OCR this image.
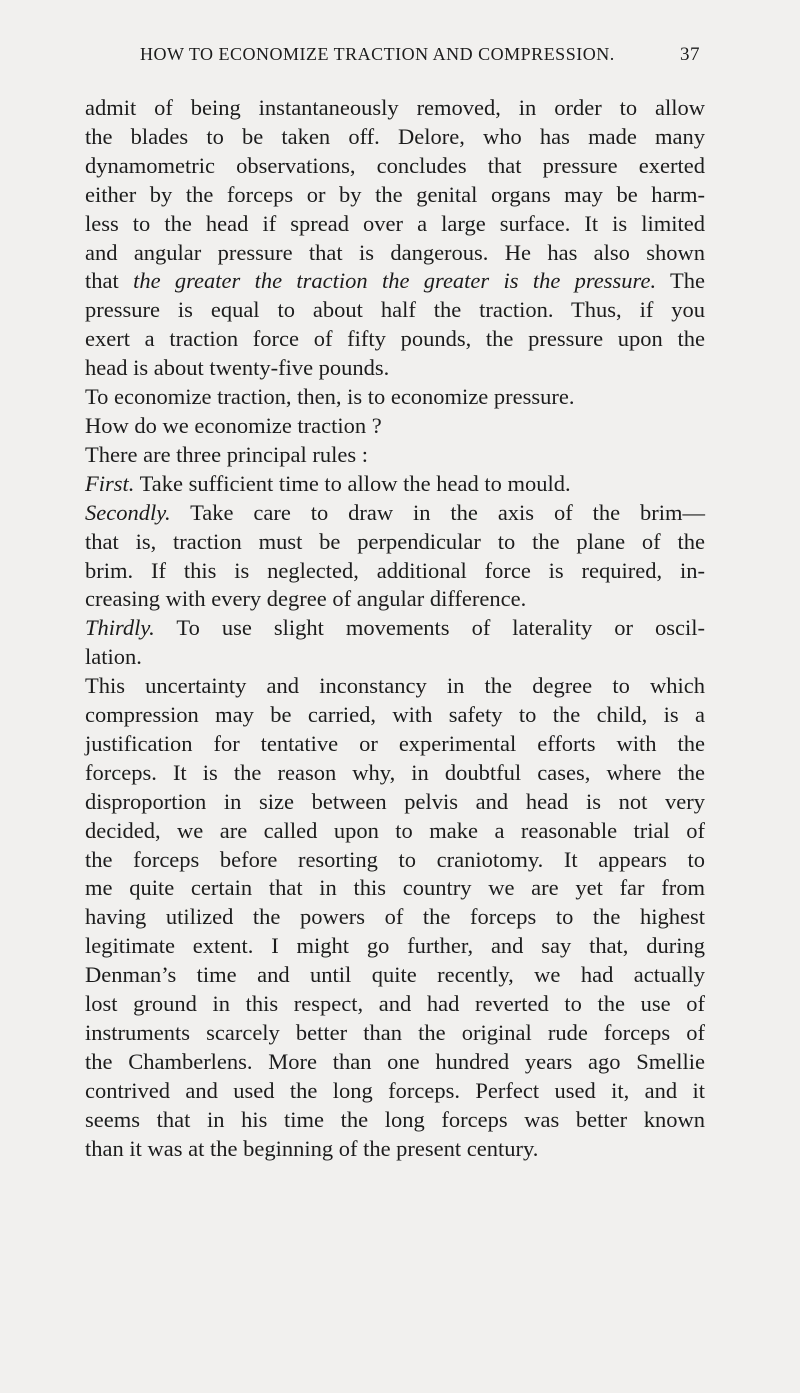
HOW TO ECONOMIZE TRACTION AND COMPRESSION.	37
admit of being instantaneously removed, in order to allow
the blades to be taken off. Delore, who has made many
dynamometric observations, concludes that pressure exerted
either by the forceps or by the genital organs may be harm-
less to the head if spread over a large surface. It is limited
and angular pressure that is dangerous. He has also shown
that the greater the traction the greater is the pressure. The
pressure is equal to about half the traction. Thus, if you
exert a traction force of fifty pounds, the pressure upon the
head is about twenty-five pounds.
To economize traction, then, is to economize pressure.
How do we economize traction ?
There are three principal rules :
First. Take sufficient time to allow the head to mould.
Secondly. Take care to draw in the axis of the brim—
that is, traction must be perpendicular to the plane of the
brim. If this is neglected, additional force is required, in-
creasing with every degree of angular difference.
Thirdly. To use slight movements of laterality or oscil-
lation.
This uncertainty and inconstancy in the degree to which
compression may be carried, with safety to the child, is a
justification for tentative or experimental efforts with the
forceps. It is the reason why, in doubtful cases, where the
disproportion in size between pelvis and head is not very
decided, we are called upon to make a reasonable trial of
the forceps before resorting to craniotomy. It appears to
me quite certain that in this country we are yet far from
having utilized the powers of the forceps to the highest
legitimate extent. I might go further, and say that, during
Denman’s time and until quite recently, we had actually
lost ground in this respect, and had reverted to the use of
instruments scarcely better than the original rude forceps of
the Chamberlens. More than one hundred years ago Smellie
contrived and used the long forceps. Perfect used it, and it
seems that in his time the long forceps was better known
than it was at the beginning of the present century.
